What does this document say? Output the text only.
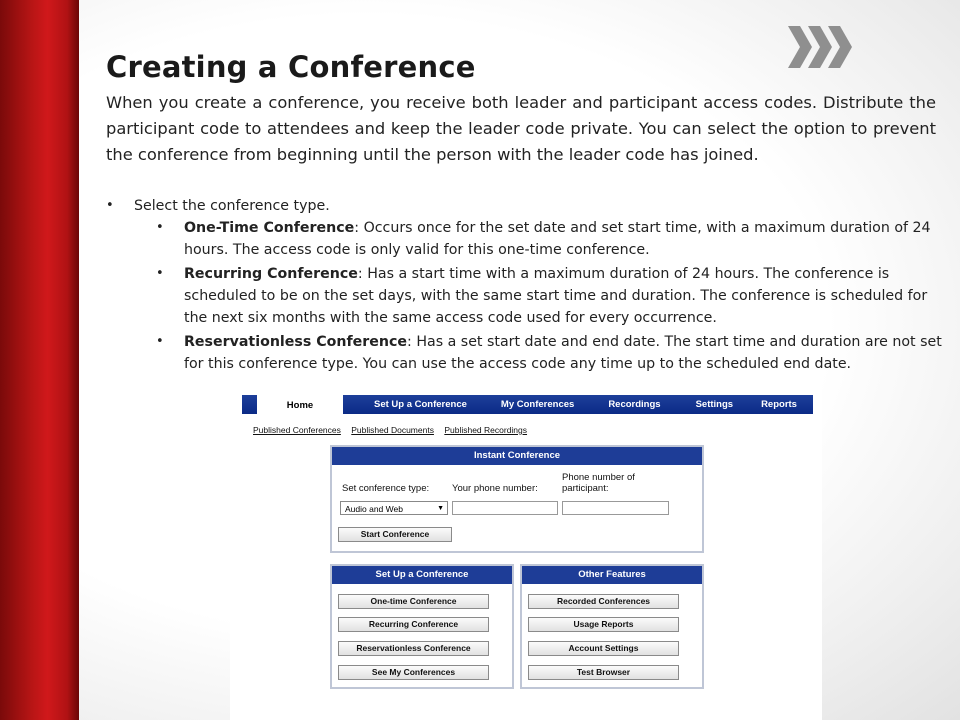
Creating a Conference

When you create a conference, you receive both leader and participant access codes. Distribute the participant code to attendees and keep the leader code private. You can select the option to prevent the conference from beginning until the person with the leader code has joined.

• Select the conference type.

• One-Time Conference: Occurs once for the set date and set start time, with a maximum duration of 24 hours. The access code is only valid for this one-time conference.

• Recurring Conference: Has a start time with a maximum duration of 24 hours. The conference is scheduled to be on the set days, with the same start time and duration. The conference is scheduled for the next six months with the same access code used for every occurrence.

• Reservationless Conference: Has a set start date and end date. The start time and duration are not set for this conference type. You can use the access code any time up to the scheduled end date.

Home	Set Up a Conference	My Conferences	Recordings	Settings	Reports
Published Conferences Published Documents Published Recordings
Instant Conference
Set conference type: Your phone number:
Phone number of
participant:
Audio and Web	▼
Start Conference
Set Up a Conference
One-time Conference
Recurring Conference
Reservationless Conference
See My Conferences
Other Features
Recorded Conferences
Usage Reports
Account Settings
Test Browser
